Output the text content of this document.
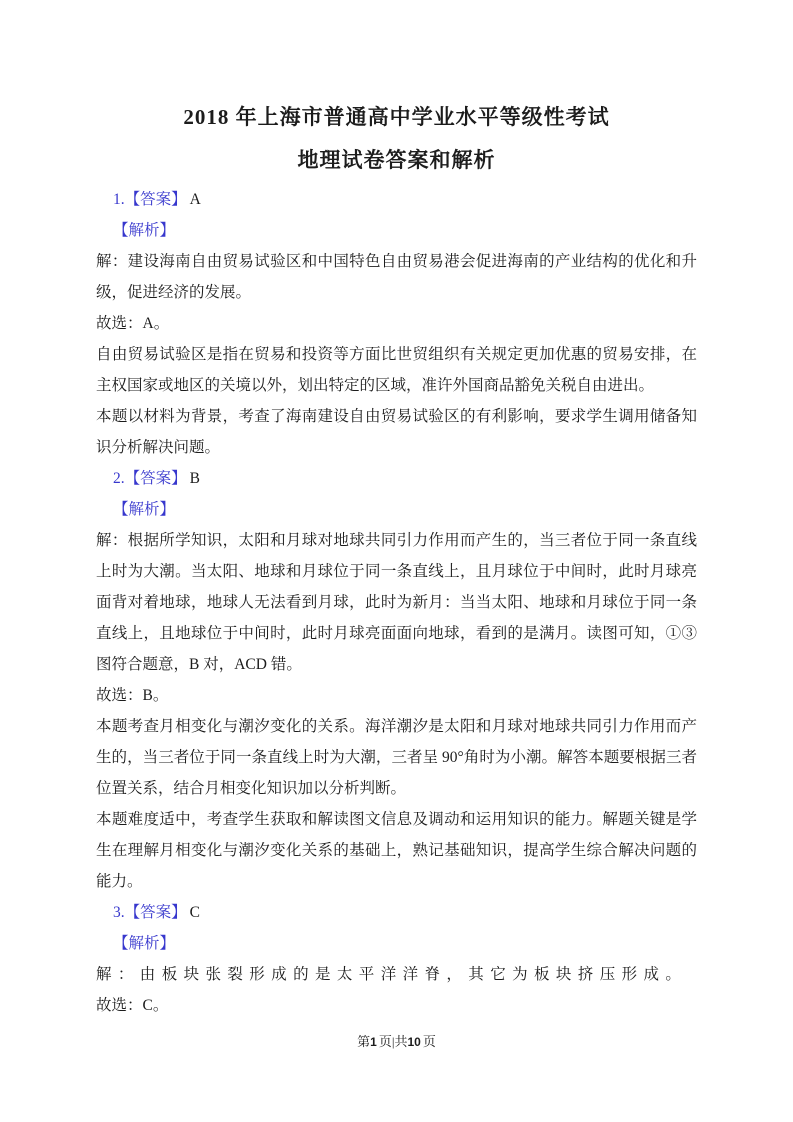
2018 年上海市普通高中学业水平等级性考试
地理试卷答案和解析

1.【答案】 A

【解析】

解：建设海南自由贸易试验区和中国特色自由贸易港会促进海南的产业结构的优化和升级，促进经济的发展。

故选：A。

自由贸易试验区是指在贸易和投资等方面比世贸组织有关规定更加优惠的贸易安排，在主权国家或地区的关境以外，划出特定的区域，准许外国商品豁免关税自由进出。

本题以材料为背景，考查了海南建设自由贸易试验区的有利影响，要求学生调用储备知识分析解决问题。

2.【答案】 B

【解析】

解：根据所学知识，太阳和月球对地球共同引力作用而产生的，当三者位于同一条直线上时为大潮。当太阳、地球和月球位于同一条直线上，且月球位于中间时，此时月球亮面背对着地球，地球人无法看到月球，此时为新月：当当太阳、地球和月球位于同一条直线上，且地球位于中间时，此时月球亮面面向地球，看到的是满月。读图可知，①③图符合题意，B 对，ACD 错。

故选：B。

本题考查月相变化与潮汐变化的关系。海洋潮汐是太阳和月球对地球共同引力作用而产生的，当三者位于同一条直线上时为大潮，三者呈 90°角时为小潮。解答本题要根据三者位置关系，结合月相变化知识加以分析判断。

本题难度适中，考查学生获取和解读图文信息及调动和运用知识的能力。解题关键是学生在理解月相变化与潮汐变化关系的基础上，熟记基础知识，提高学生综合解决问题的能力。

3.【答案】 C

【解析】

解：由板块张裂形成的是太平洋洋脊，其它为板块挤压形成。

故选：C。

第1 页|共10 页
